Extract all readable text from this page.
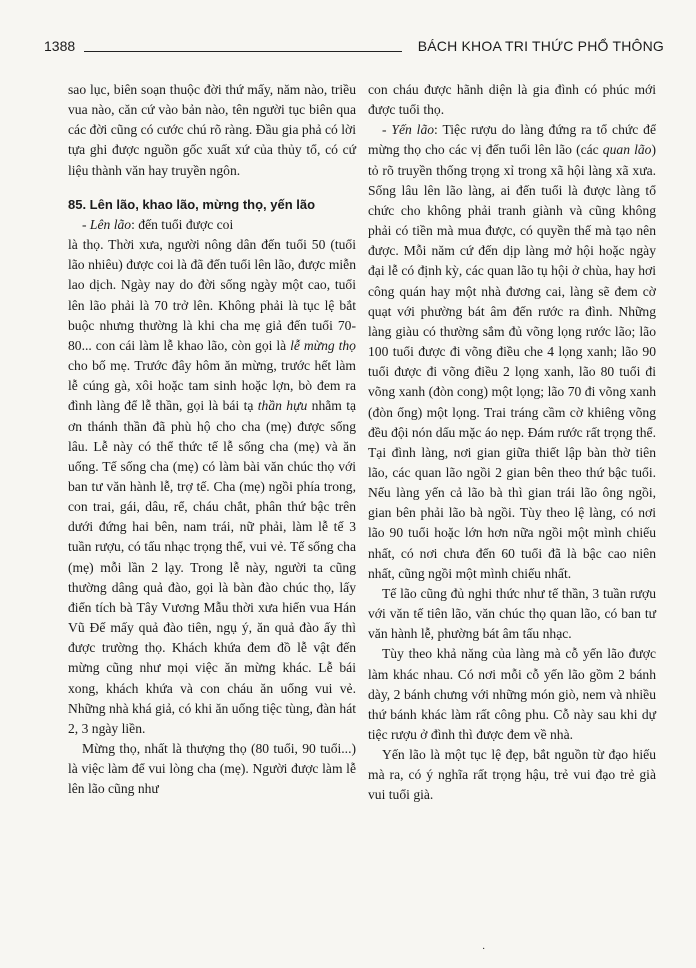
1388	BÁCH KHOA TRI THỨC PHỔ THÔNG

sao lục, biên soạn thuộc đời thứ mấy, năm nào, triều vua nào, căn cứ vào bản nào, tên người tục biên qua các đời cũng có cước chú rõ ràng. Đầu gia phả có lời tựa ghi được nguồn gốc xuất xứ của thủy tổ, có cứ liệu thành văn hay truyền ngôn.

85. Lên lão, khao lão, mừng thọ, yến lão

- Lên lão: đến tuổi được coi

là thọ. Thời xưa, người nông dân đến tuổi 50 (tuổi lão nhiêu) được coi là đã đến tuổi lên lão, được miễn lao dịch. Ngày nay do đời sống ngày một cao, tuổi lên lão phải là 70 trở lên. Không phải là tục lệ bắt buộc nhưng thường là khi cha mẹ giả đến tuổi 70-80... con cái làm lễ khao lão, còn gọi là lễ mừng thọ cho bố mẹ. Trước đây hôm ăn mừng, trước hết làm lễ cúng gà, xôi hoặc tam sinh hoặc lợn, bò đem ra đình làng để lễ thần, gọi là bái tạ thần hựu nhằm tạ ơn thánh thần đã phù hộ cho cha (mẹ) được sống lâu. Lễ này có thể thức tế lễ sống cha (mẹ) và ăn uống. Tế sống cha (mẹ) có làm bài văn chúc thọ với ban tư văn hành lễ, trợ tế. Cha (mẹ) ngồi phía trong, con trai, gái, dâu, rể, cháu chắt, phân thứ bậc trên dưới đứng hai bên, nam trái, nữ phải, làm lễ tế 3 tuần rượu, có tấu nhạc trọng thể, vui vẻ. Tế sống cha (mẹ) mỗi lần 2 lạy. Trong lễ này, người ta cũng thường dâng quả đào, gọi là bàn đào chúc thọ, lấy điển tích bà Tây Vương Mẫu thời xưa hiến vua Hán Vũ Đế mấy quả đào tiên, ngụ ý, ăn quả đào ấy thì được trường thọ. Khách khứa đem đồ lễ vật đến mừng cũng như mọi việc ăn mừng khác. Lễ bái xong, khách khứa và con cháu ăn uống vui vẻ. Những nhà khá giả, có khi ăn uống tiệc tùng, đàn hát 2, 3 ngày liền.

Mừng thọ, nhất là thượng thọ (80 tuổi, 90 tuổi...) là việc làm để vui lòng cha (mẹ). Người được làm lễ lên lão cũng như

con cháu được hãnh diện là gia đình có phúc mới được tuổi thọ.

- Yến lão: Tiệc rượu do làng đứng ra tổ chức để mừng thọ cho các vị đến tuổi lên lão (các quan lão) tỏ rõ truyền thống trọng xỉ trong xã hội làng xã xưa. Sống lâu lên lão làng, ai đến tuổi là được làng tổ chức cho không phải tranh giành và cũng không phải có tiền mà mua được, có quyền thế mà tạo nên được. Mỗi năm cứ đến dịp làng mở hội hoặc ngày đại lễ có định kỳ, các quan lão tụ hội ở chùa, hay hơi công quán hay một nhà đương cai, làng sẽ đem cờ quạt với phường bát âm đến rước ra đình. Những làng giàu có thường sắm đủ võng lọng rước lão; lão 100 tuổi được đi võng điều che 4 lọng xanh; lão 90 tuổi được đi võng điều 2 lọng xanh, lão 80 tuổi đi võng xanh (đòn cong) một lọng; lão 70 đi võng xanh (đòn ống) một lọng. Trai tráng cầm cờ khiêng võng đều đội nón dấu mặc áo nẹp. Đám rước rất trọng thể. Tại đình làng, nơi gian giữa thiết lập bàn thờ tiên lão, các quan lão ngồi 2 gian bên theo thứ bậc tuổi. Nếu làng yến cả lão bà thì gian trái lão ông ngồi, gian bên phải lão bà ngồi. Tùy theo lệ làng, có nơi lão 90 tuổi hoặc lớn hơn nữa ngồi một mình chiếu nhất, có nơi chưa đến 60 tuổi đã là bậc cao niên nhất, cũng ngồi một mình chiếu nhất.

Tế lão cũng đủ nghi thức như tế thần, 3 tuần rượu với văn tế tiên lão, văn chúc thọ quan lão, có ban tư văn hành lễ, phường bát âm tấu nhạc.

Tùy theo khả năng của làng mà cỗ yến lão được làm khác nhau. Có nơi mỗi cỗ yến lão gồm 2 bánh dày, 2 bánh chưng với những món giò, nem và nhiều thứ bánh khác làm rất công phu. Cỗ này sau khi dự tiệc rượu ở đình thì được đem về nhà.

Yến lão là một tục lệ đẹp, bắt nguồn từ đạo hiếu mà ra, có ý nghĩa rất trọng hậu, trẻ vui đạo trẻ già vui tuổi già.

·
